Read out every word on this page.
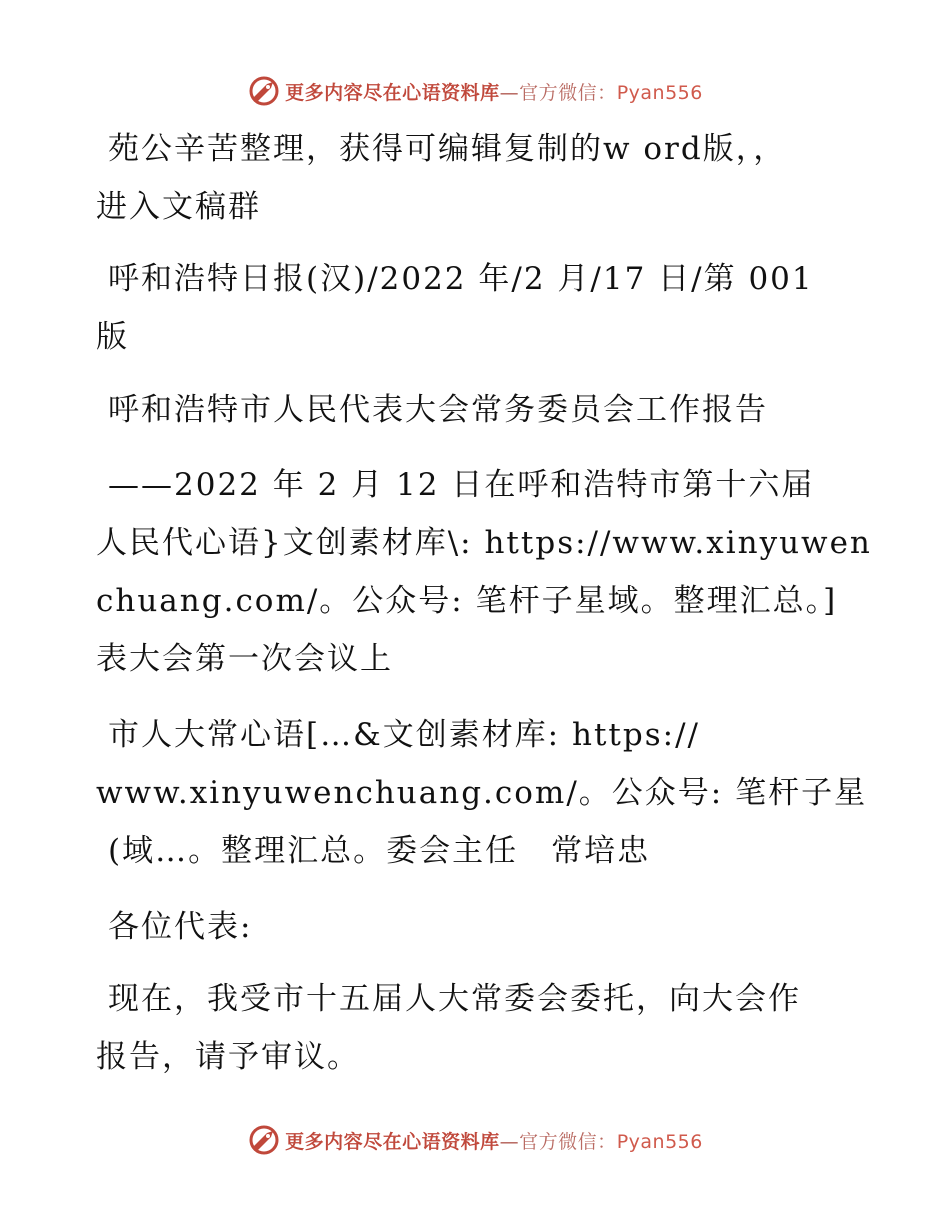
更多内容尽在心语资料库—官方微信：Pyan556
苑公辛苦整理，获得可编辑复制的w ord版，，
进入文稿群
呼和浩特日报(汉)/2022 年/2 月/17 日/第 001
版
呼和浩特市人民代表大会常务委员会工作报告
——2022 年 2 月 12 日在呼和浩特市第十六届
人民代心语}文创素材库\: https://www.xinyuwen
chuang.com/。公众号: 笔杆子星域。整理汇总。]
表大会第一次会议上
市人大常心语[…&文创素材库: https://
www.xinyuwenchuang.com/。公众号: 笔杆子星
(域…。整理汇总。委会主任　常培忠
各位代表:
现在，我受市十五届人大常委会委托，向大会作
报告，请予审议。
更多内容尽在心语资料库—官方微信：Pyan556
